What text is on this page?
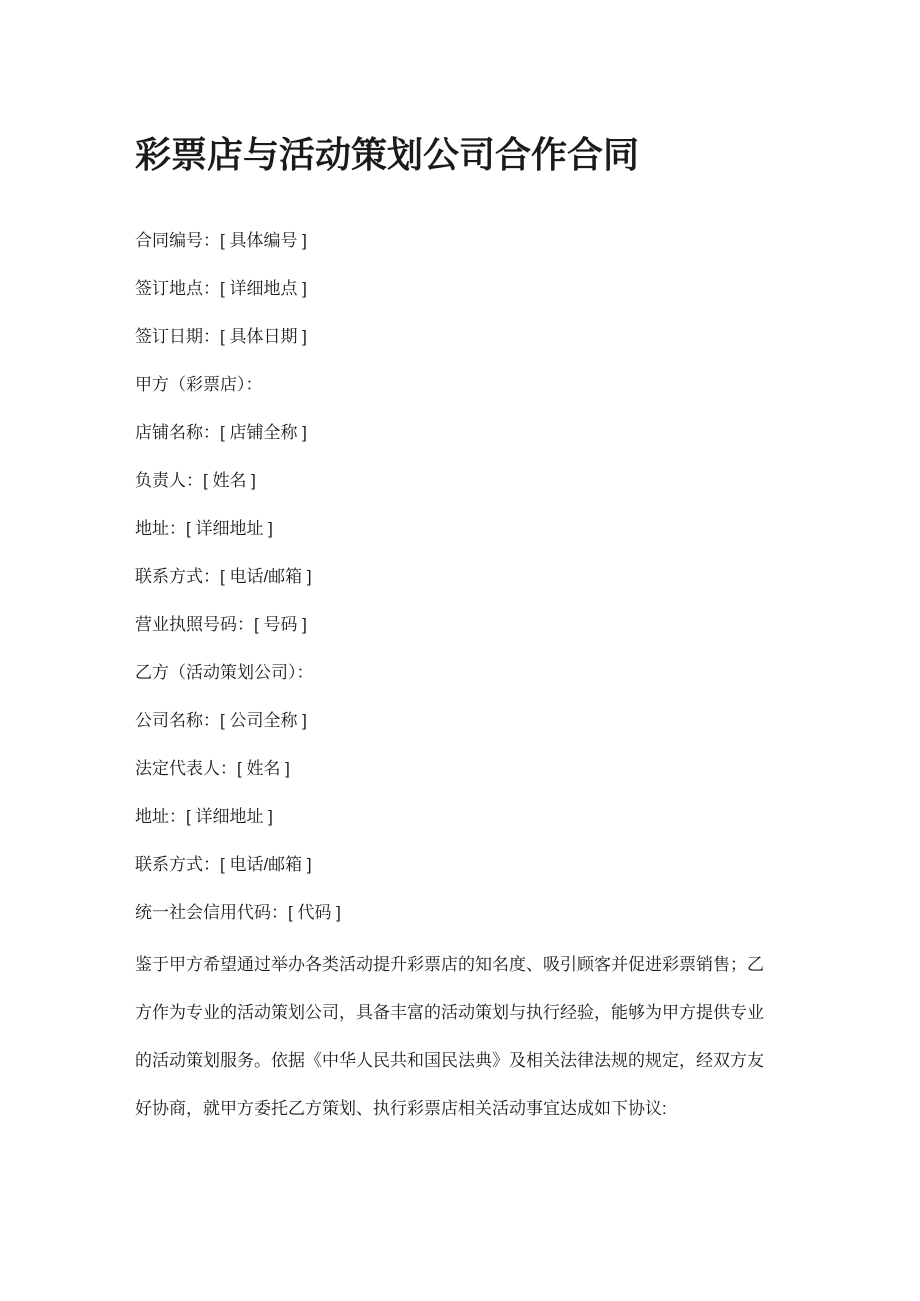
彩票店与活动策划公司合作合同
合同编号：[ 具体编号 ]
签订地点：[ 详细地点 ]
签订日期：[ 具体日期 ]
甲方（彩票店）：
店铺名称：[ 店铺全称 ]
负责人：[ 姓名 ]
地址：[ 详细地址 ]
联系方式：[ 电话/邮箱 ]
营业执照号码：[ 号码 ]
乙方（活动策划公司）：
公司名称：[ 公司全称 ]
法定代表人：[ 姓名 ]
地址：[ 详细地址 ]
联系方式：[ 电话/邮箱 ]
统一社会信用代码：[ 代码 ]
鉴于甲方希望通过举办各类活动提升彩票店的知名度、吸引顾客并促进彩票销售；乙
方作为专业的活动策划公司，具备丰富的活动策划与执行经验，能够为甲方提供专业
的活动策划服务。依据《中华人民共和国民法典》及相关法律法规的规定，经双方友
好协商，就甲方委托乙方策划、执行彩票店相关活动事宜达成如下协议:
